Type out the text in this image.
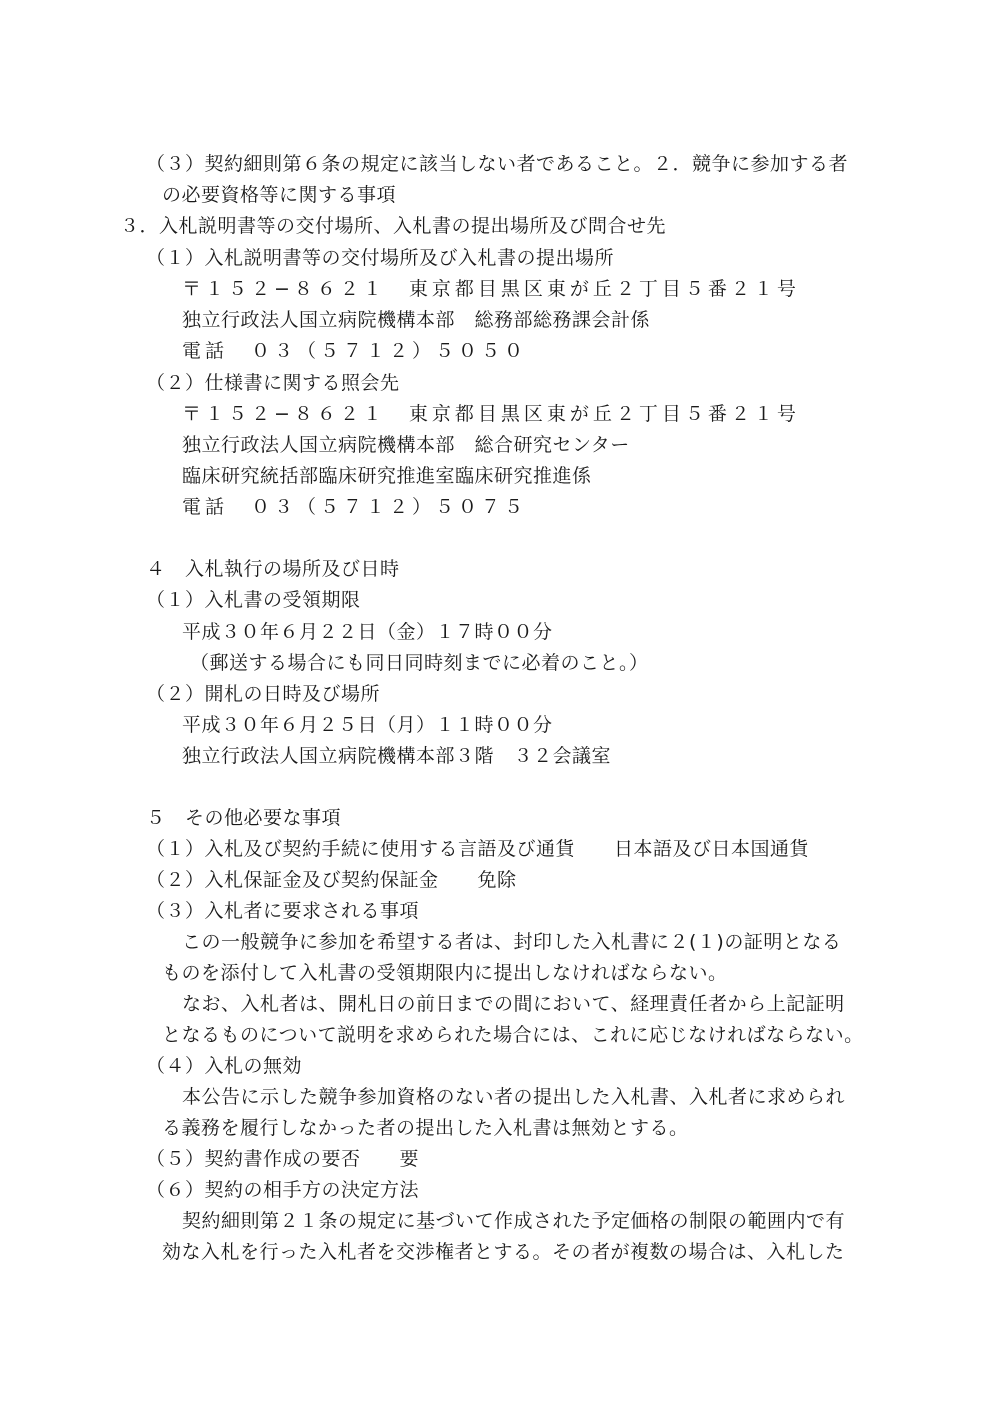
（３）契約細則第６条の規定に該当しない者であること。２．競争に参加する者
の必要資格等に関する事項
３．入札説明書等の交付場所、入札書の提出場所及び問合せ先
（１）入札説明書等の交付場所及び入札書の提出場所
〒１５２−８６２１　東京都目黒区東が丘２丁目５番２１号
独立行政法人国立病院機構本部　総務部総務課会計係
電話　０３（５７１２）５０５０
（２）仕様書に関する照会先
〒１５２−８６２１　東京都目黒区東が丘２丁目５番２１号
独立行政法人国立病院機構本部　総合研究センター
臨床研究統括部臨床研究推進室臨床研究推進係
電話　０３（５７１２）５０７５
４　入札執行の場所及び日時
（１）入札書の受領期限
平成３０年６月２２日（金）１７時００分
（郵送する場合にも同日同時刻までに必着のこと。）
（２）開札の日時及び場所
平成３０年６月２５日（月）１１時００分
独立行政法人国立病院機構本部３階　３２会議室
５　その他必要な事項
（１）入札及び契約手続に使用する言語及び通貨　　日本語及び日本国通貨
（２）入札保証金及び契約保証金　　免除
（３）入札者に要求される事項
この一般競争に参加を希望する者は、封印した入札書に２(１)の証明となる
ものを添付して入札書の受領期限内に提出しなければならない。
なお、入札者は、開札日の前日までの間において、経理責任者から上記証明
となるものについて説明を求められた場合には、これに応じなければならない。
（４）入札の無効
本公告に示した競争参加資格のない者の提出した入札書、入札者に求められ
る義務を履行しなかった者の提出した入札書は無効とする。
（５）契約書作成の要否　　要
（６）契約の相手方の決定方法
契約細則第２１条の規定に基づいて作成された予定価格の制限の範囲内で有
効な入札を行った入札者を交渉権者とする。その者が複数の場合は、入札した
